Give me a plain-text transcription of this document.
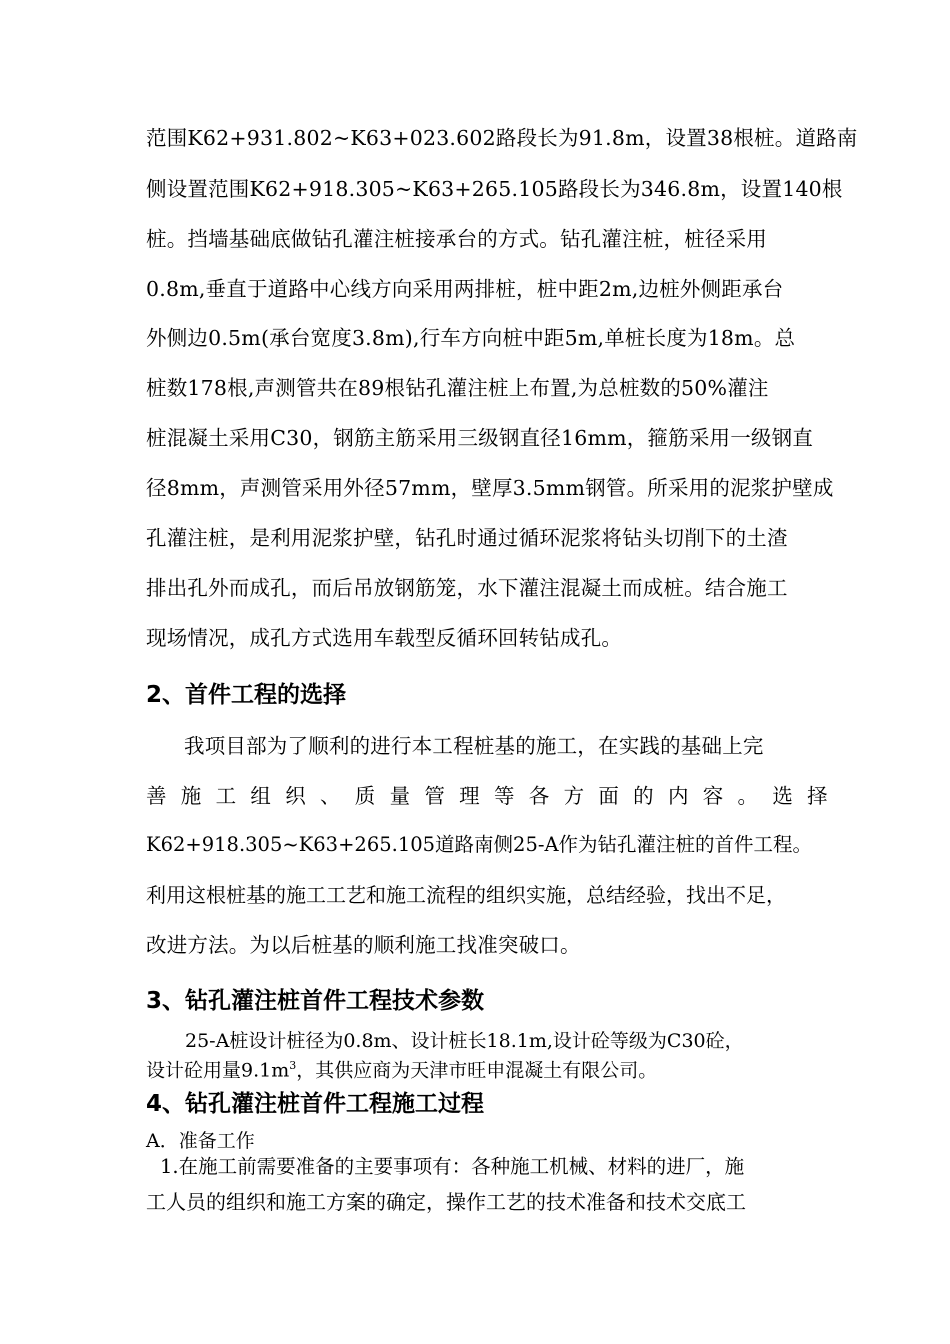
范围K62+931.802~K63+023.602路段长为91.8m，设置38根桩。道路南
侧设置范围K62+918.305~K63+265.105路段长为346.8m，设置140根
桩。挡墙基础底做钻孔灌注桩接承台的方式。钻孔灌注桩，桩径采用
0.8m,垂直于道路中心线方向采用两排桩，桩中距2m,边桩外侧距承台
外侧边0.5m(承台宽度3.8m),行车方向桩中距5m,单桩长度为18m。总
桩数178根,声测管共在89根钻孔灌注桩上布置,为总桩数的50%灌注
桩混凝土采用C30，钢筋主筋采用三级钢直径16mm，箍筋采用一级钢直
径8mm，声测管采用外径57mm，壁厚3.5mm钢管。所采用的泥浆护壁成
孔灌注桩，是利用泥浆护壁，钻孔时通过循环泥浆将钻头切削下的土渣
排出孔外而成孔，而后吊放钢筋笼，水下灌注混凝土而成桩。结合施工
现场情况，成孔方式选用车载型反循环回转钻成孔。
2、首件工程的选择
我项目部为了顺利的进行本工程桩基的施工，在实践的基础上完
善 施 工 组 织 、 质 量 管 理 等 各 方 面 的 内 容 。 选 择
K62+918.305~K63+265.105道路南侧25-A作为钻孔灌注桩的首件工程。
利用这根桩基的施工工艺和施工流程的组织实施，总结经验，找出不足，
改进方法。为以后桩基的顺利施工找准突破口。
3、钻孔灌注桩首件工程技术参数
25-A桩设计桩径为0.8m、设计桩长18.1m,设计砼等级为C30砼，
设计砼用量$9.1m^3$，其供应商为天津市旺申混凝土有限公司。
4、钻孔灌注桩首件工程施工过程
A．准备工作
1.在施工前需要准备的主要事项有：各种施工机械、材料的进厂，施
工人员的组织和施工方案的确定，操作工艺的技术准备和技术交底工
